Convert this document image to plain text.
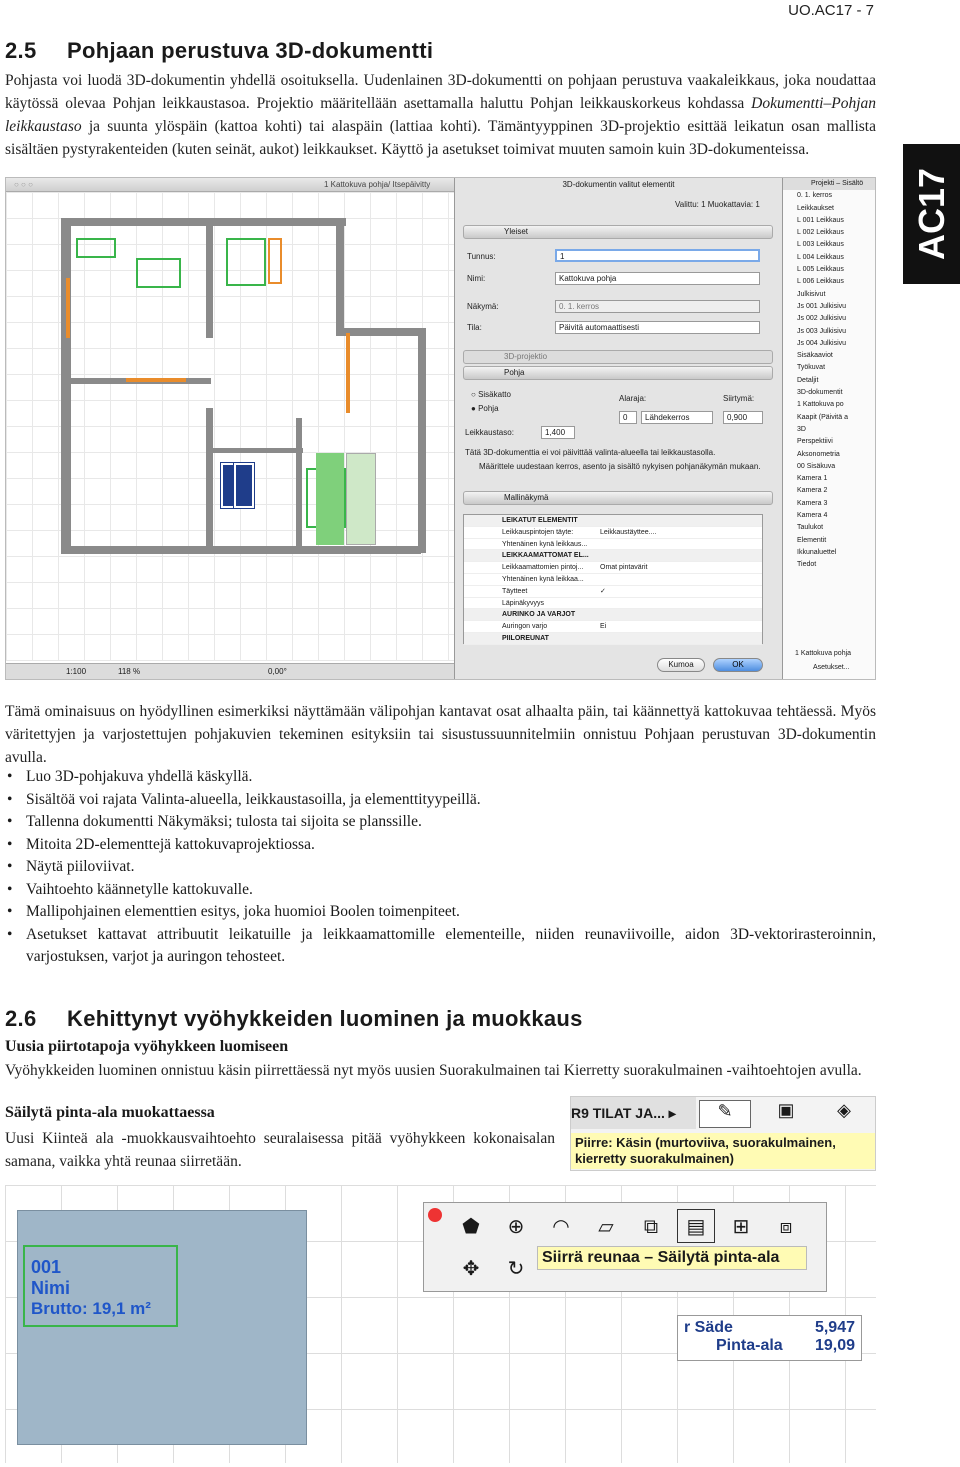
UO.AC17 - 7
AC17
2.5 Pohjaan perustuva 3D-dokumentti

Pohjasta voi luodä 3D-dokumentin yhdellä osoituksella. Uudenlainen 3D-dokumentti on pohjaan perustuva vaakaleikkaus, joka noudattaa käytössä olevaa Pohjan leikkaustasoa. Projektio määritellään asettamalla haluttu Pohjan leikkauskorkeus kohdassa Dokumentti–Pohjan leikkaustaso ja suunta ylöspäin (kattoa kohti) tai alaspäin (lattiaa kohti). Tämäntyyppinen 3D-projektio esittää leikatun osan mallista sisältäen pystyrakenteiden (kuten seinät, aukot) leikkaukset. Käyttö ja asetukset toimivat muuten samoin kuin 3D-dokumenteissa.

1:100	118 %	0,00°
○ ○ ○	1 Kattokuva pohja/ Itsepäivitty	3D-dokumentin valitut elementit
Valittu: 1 Muokattavia: 1
Yleiset
Tunnus:	1
Nimi:	Kattokuva pohja
Näkymä:	0. 1. kerros
Tila:	Päivitä automaattisesti
3D-projektio
Pohja
○ Sisäkatto
● Pohja
Alaraja:	Siirtymä:
0	Lähdekerros	0,900
Leikkaustaso:	1,400
Tätä 3D-dokumenttia ei voi päivittää valinta-alueella tai leikkaustasolla.
Määrittele uudestaan kerros, asento ja sisältö nykyisen pohjanäkymän mukaan.
Mallinäkymä
LEIKATUT ELEMENTIT
Leikkauspintojen täyte:	Leikkaustäyttee....
Yhtenäinen kynä leikkaus...
LEIKKAAMATTOMAT EL...
Leikkaamattomien pintoj... Omat pintavärit
Yhtenäinen kynä leikkaa...
Täytteet	✓
Läpinäkyvyys
AURINKO JA VARJOT
Auringon varjo	Ei
PIILOREUNAT
Kumoa	OK
Projekti – Sisältö
0. 1. kerros
Leikkaukset
L 001 Leikkaus
L 002 Leikkaus
L 003 Leikkaus
L 004 Leikkaus
L 005 Leikkaus
L 006 Leikkaus
Julkisivut
Js 001 Julkisivu
Js 002 Julkisivu
Js 003 Julkisivu
Js 004 Julkisivu
Sisäkaaviot
Työkuvat
Detaljit
3D-dokumentit
1 Kattokuva po
Kaapit (Päivitä a
3D
Perspektiivi
Aksonometria
00 Sisäkuva
Kamera 1
Kamera 2
Kamera 3
Kamera 4
Taulukot
Elementit
Ikkunaluettel
Tiedot
1 Kattokuva pohja
Asetukset...

Tämä ominaisuus on hyödyllinen esimerkiksi näyttämään välipohjan kantavat osat alhaalta päin, tai käännettyä kattokuvaa tehtäessä. Myös väritettyjen ja varjostettujen pohjakuvien tekeminen esityksiin tai sisustussuunnitelmiin onnistuu Pohjaan perustuvan 3D-dokumentin avulla.

• Luo 3D-pohjakuva yhdellä käskyllä.
• Sisältöä voi rajata Valinta-alueella, leikkaustasoilla, ja elementtityypeillä.
• Tallenna dokumentti Näkymäksi; tulosta tai sijoita se planssille.
• Mitoita 2D-elementtejä kattokuvaprojektiossa.
• Näytä piiloviivat.
• Vaihtoehto käännetylle kattokuvalle.
• Mallipohjainen elementtien esitys, joka huomioi Boolen toimenpiteet.
• Asetukset kattavat attribuutit leikatuille ja leikkaamattomille elementeille, niiden reunaviivoille, aidon 3D-vektorirasteroinnin, varjostuksen, varjot ja auringon tehosteet.
2.6 Kehittynyt vyöhykkeiden luominen ja muokkaus
Uusia piirtotapoja vyöhykkeen luomiseen

Vyöhykkeiden luominen onnistuu käsin piirrettäessä nyt myös uusien Suorakulmainen tai Kierretty suorakulmainen -vaihtoehtojen avulla.

Säilytä pinta-ala muokattaessa

Uusi Kiinteä ala -muokkausvaihtoehto seuralaisessa pitää vyöhykkeen kokonaisalan samana, vaikka yhtä reunaa siirretään.

R9 TILAT JA... ▸	✎	▣	◈
Piirre: Käsin (murtoviiva, suorakulmainen, kierretty suorakulmainen)
001
Nimi
Brutto: 19,1 m²
⬟	⊕	◠	▱	⧉	▤	⊞	⧈
✥	↻
Siirrä reunaa – Säilytä pinta-ala
r Säde	5,947
Pinta-ala 19,09
